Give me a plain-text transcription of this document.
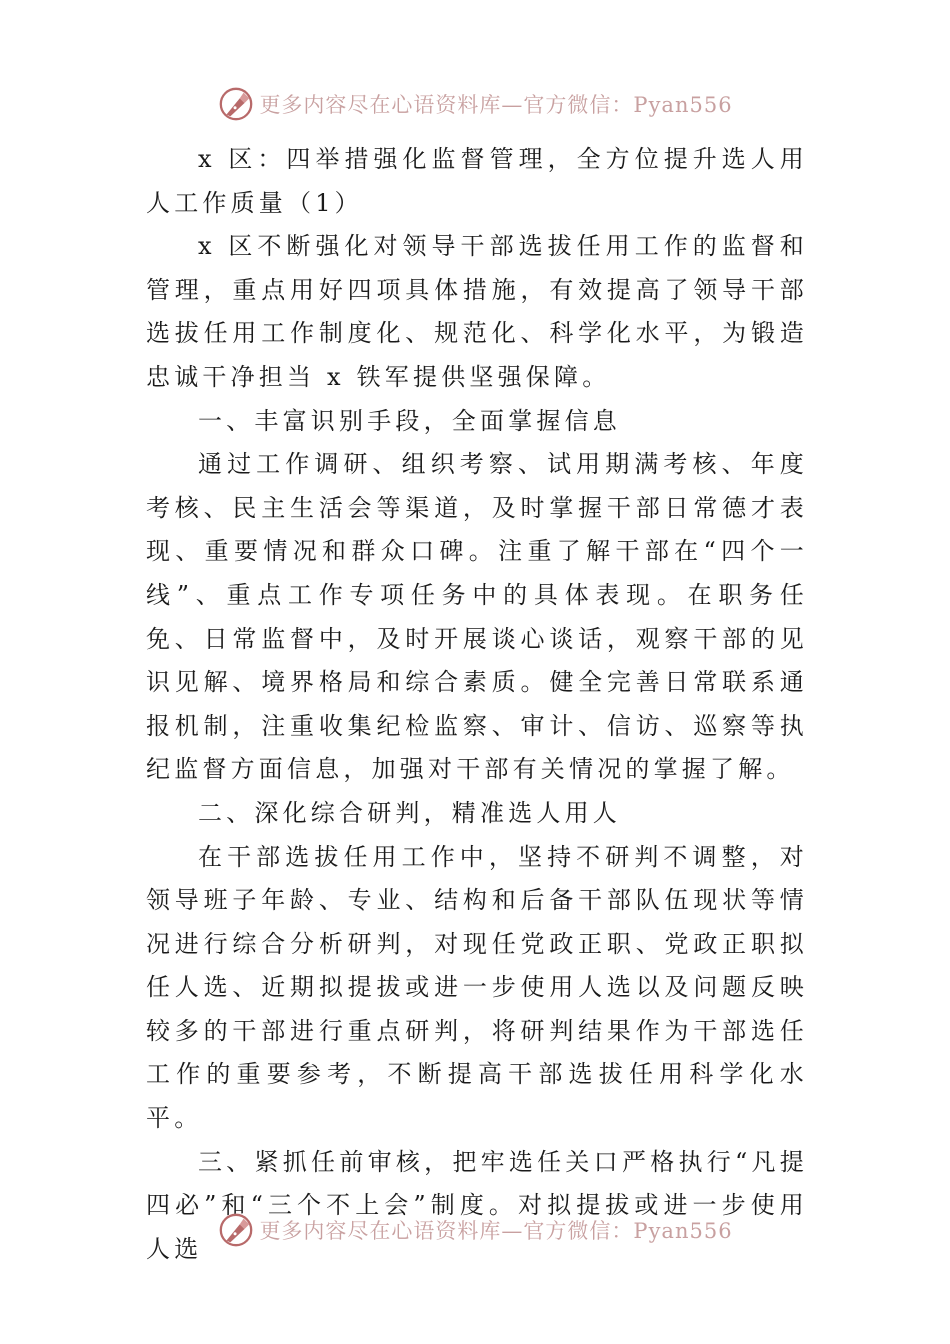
更多内容尽在心语资料库—官方微信：Pyan556

x 区：四举措强化监督管理，全方位提升选人用人工作质量（1）

x 区不断强化对领导干部选拔任用工作的监督和管理，重点用好四项具体措施，有效提高了领导干部选拔任用工作制度化、规范化、科学化水平，为锻造忠诚干净担当 x 铁军提供坚强保障。

一、丰富识别手段，全面掌握信息

通过工作调研、组织考察、试用期满考核、年度考核、民主生活会等渠道，及时掌握干部日常德才表现、重要情况和群众口碑。注重了解干部在“四个一线”、重点工作专项任务中的具体表现。在职务任免、日常监督中，及时开展谈心谈话，观察干部的见识见解、境界格局和综合素质。健全完善日常联系通报机制，注重收集纪检监察、审计、信访、巡察等执纪监督方面信息，加强对干部有关情况的掌握了解。

二、深化综合研判，精准选人用人

在干部选拔任用工作中，坚持不研判不调整，对领导班子年龄、专业、结构和后备干部队伍现状等情况进行综合分析研判，对现任党政正职、党政正职拟任人选、近期拟提拔或进一步使用人选以及问题反映较多的干部进行重点研判，将研判结果作为干部选任工作的重要参考，不断提高干部选拔任用科学化水平。

三、紧抓任前审核，把牢选任关口严格执行“凡提四必”和“三个不上会”制度。对拟提拔或进一步使用人选

更多内容尽在心语资料库—官方微信：Pyan556
